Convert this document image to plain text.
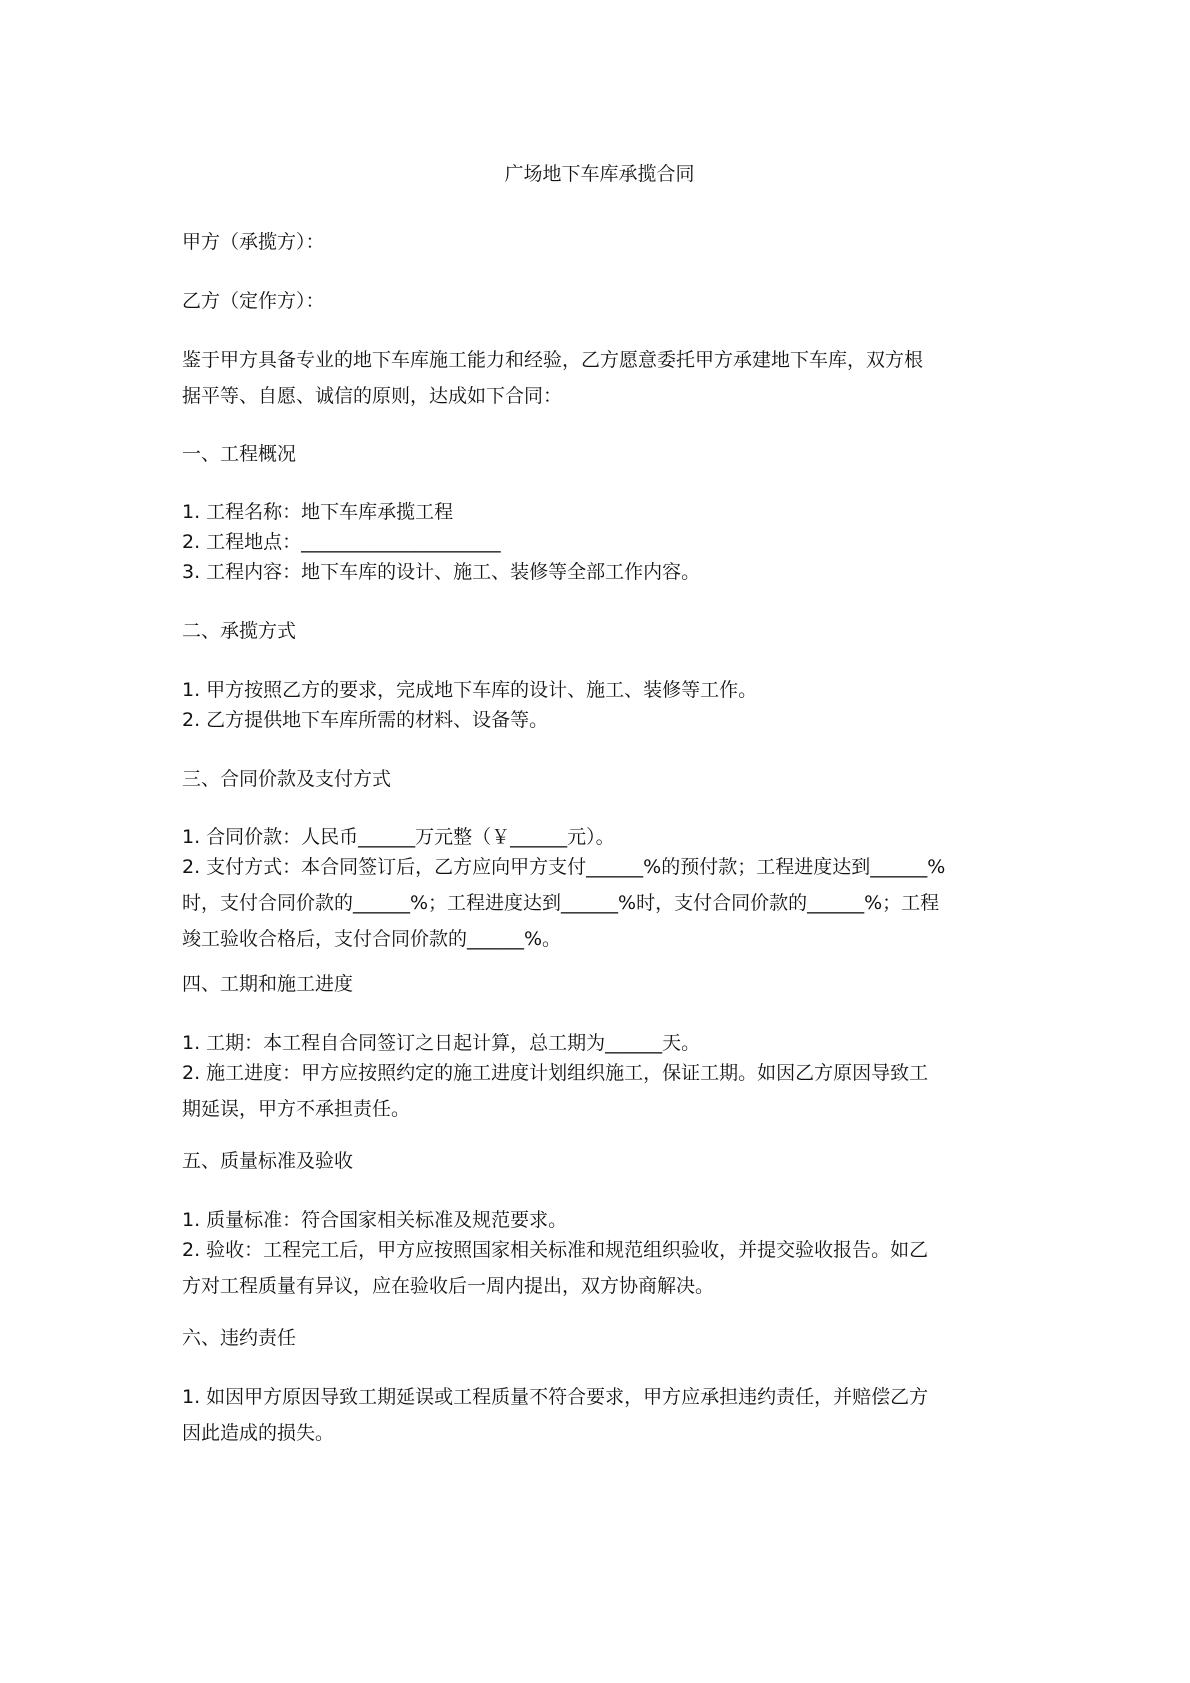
广场地下车库承揽合同

甲方（承揽方）：

乙方（定作方）：

鉴于甲方具备专业的地下车库施工能力和经验，乙方愿意委托甲方承建地下车库，双方根
据平等、自愿、诚信的原则，达成如下合同：

一、工程概况

1. 工程名称：地下车库承揽工程

2. 工程地点：_____________________

3. 工程内容：地下车库的设计、施工、装修等全部工作内容。

二、承揽方式

1. 甲方按照乙方的要求，完成地下车库的设计、施工、装修等工作。

2. 乙方提供地下车库所需的材料、设备等。

三、合同价款及支付方式

1. 合同价款：人民币______万元整（￥______元）。

2. 支付方式：本合同签订后，乙方应向甲方支付______%的预付款；工程进度达到______%
时，支付合同价款的______%；工程进度达到______%时，支付合同价款的______%；工程
竣工验收合格后，支付合同价款的______%。

四、工期和施工进度

1. 工期：本工程自合同签订之日起计算，总工期为______天。

2. 施工进度：甲方应按照约定的施工进度计划组织施工，保证工期。如因乙方原因导致工
期延误，甲方不承担责任。

五、质量标准及验收

1. 质量标准：符合国家相关标准及规范要求。

2. 验收：工程完工后，甲方应按照国家相关标准和规范组织验收，并提交验收报告。如乙
方对工程质量有异议，应在验收后一周内提出，双方协商解决。

六、违约责任

1. 如因甲方原因导致工期延误或工程质量不符合要求，甲方应承担违约责任，并赔偿乙方
因此造成的损失。
